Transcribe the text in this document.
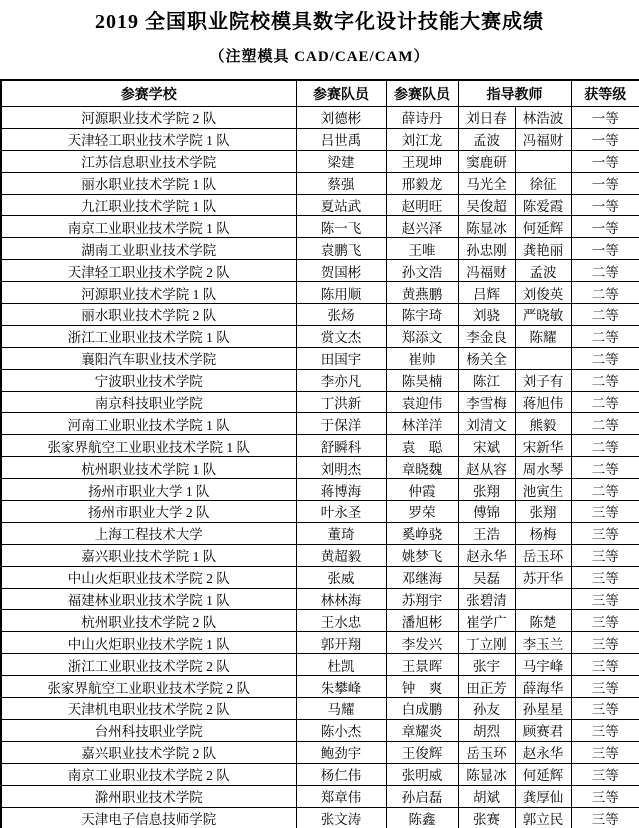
2019 全国职业院校模具数字化设计技能大赛成绩
（注塑模具 CAD/CAE/CAM）
参赛学校	参赛队员	参赛队员	指导教师		获等级
河源职业技术学院 2 队	刘德彬	薛诗丹	刘日春	林浩波	一等
天津轻工职业技术学院 1 队	吕世禹	刘江龙	孟波	冯福财	一等
江苏信息职业技术学院	梁建	王现坤	窦鹿研		一等
丽水职业技术学院 1 队	蔡强	邢毅龙	马光全	徐征	一等
九江职业技术学院 1 队	夏站武	赵明旺	吴俊超	陈爱霞	一等
南京工业职业技术学院 1 队	陈一飞	赵兴泽	陈显冰	何延辉	一等
湖南工业职业技术学院	袁鹏飞	王唯	孙忠刚	龚艳丽	一等
天津轻工职业技术学院 2 队	贺国彬	孙文浩	冯福财	孟波	二等
河源职业技术学院 1 队	陈用顺	黄燕鹏	吕辉	刘俊英	二等
丽水职业技术学院 2 队	张炀	陈宇琦	刘骁	严晓敏	二等
浙江工业职业技术学院 1 队	赏文杰	郑添文	李金良	陈耀	二等
襄阳汽车职业技术学院	田国宇	崔帅	杨关全		二等
宁波职业技术学院	李亦凡	陈昊楠	陈江	刘子有	二等
南京科技职业学院	丁洪新	袁迎伟	李雪梅	蒋旭伟	二等
河南工业职业技术学院 1 队	于保洋	林洋洋	刘清文	熊毅	二等
张家界航空工业职业技术学院 1 队	舒瞬科	袁　聪	宋斌	宋新华	二等
杭州职业技术学院 1 队	刘明杰	章晓魏	赵从容	周水琴	二等
扬州市职业大学 1 队	蒋博海	仲霞	张翔	池寅生	二等
扬州市职业大学 2 队	叶永圣	罗荣	傅锦	张翔	三等
上海工程技术大学	董琦	奚峥骁	王浩	杨梅	三等
嘉兴职业技术学院 1 队	黄超毅	姚梦飞	赵永华	岳玉环	三等
中山火炬职业技术学院 2 队	张威	邓继海	吴磊	苏开华	三等
福建林业职业技术学院 1 队	林林海	苏翔宇	张碧清		三等
杭州职业技术学院 2 队	王水忠	潘旭彬	崔学广	陈楚	三等
中山火炬职业技术学院 1 队	郭开翔	李发兴	丁立刚	李玉兰	三等
浙江工业职业技术学院 2 队	杜凯	王景晖	张宇	马宇峰	三等
张家界航空工业职业技术学院 2 队	朱攀峰	钟　爽	田正芳	薛海华	三等
天津机电职业技术学院 2 队	马耀	白成鹏	孙友	孙星星	三等
台州科技职业学院	陈小杰	章耀炎	胡烈	顾赛君	三等
嘉兴职业技术学院 2 队	鲍劲宇	王俊辉	岳玉环	赵永华	三等
南京工业职业技术学院 2 队	杨仁伟	张明威	陈显冰	何延辉	三等
滁州职业技术学院	郑章伟	孙启磊	胡斌	龚厚仙	三等
天津电子信息技师学院	张文涛	陈鑫	张赛	郭立民	三等
